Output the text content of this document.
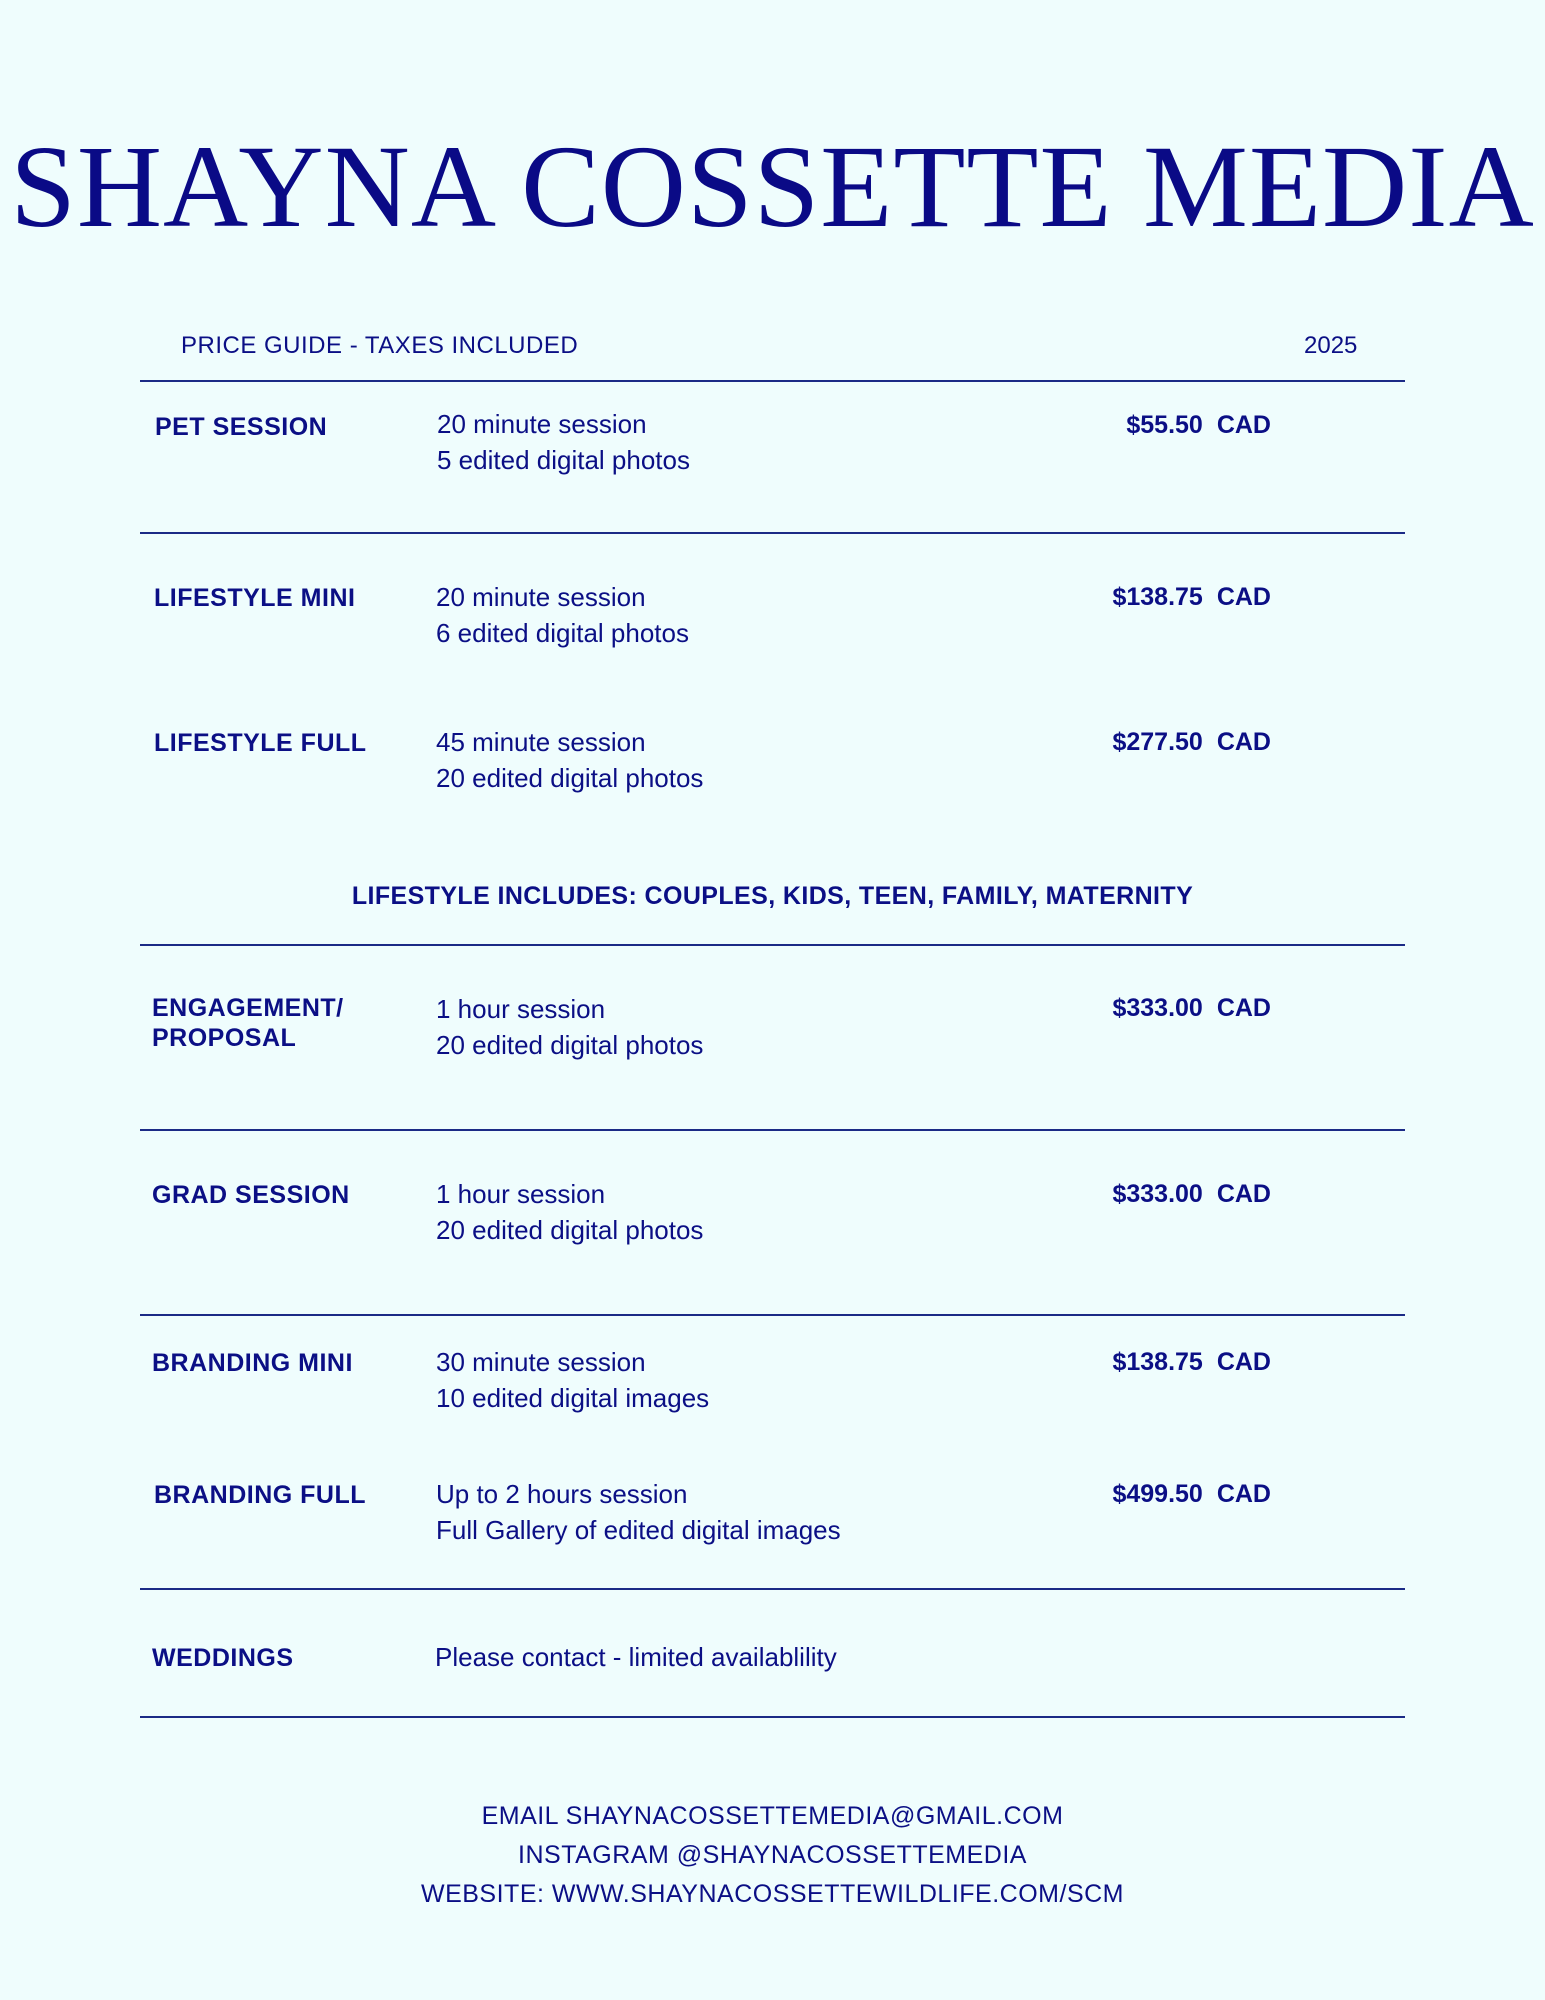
SHAYNA COSSETTE MEDIA
PRICE GUIDE - TAXES INCLUDED	2025
PET SESSION	20 minute session
5 edited digital photos
$55.50 CAD
LIFESTYLE MINI	20 minute session
6 edited digital photos
$138.75 CAD
LIFESTYLE FULL	45 minute session
20 edited digital photos
$277.50 CAD
LIFESTYLE INCLUDES: COUPLES, KIDS, TEEN, FAMILY, MATERNITY
ENGAGEMENT/
PROPOSAL
1 hour session
20 edited digital photos
$333.00 CAD
GRAD SESSION	1 hour session
20 edited digital photos
$333.00 CAD
BRANDING MINI	30 minute session
10 edited digital images
$138.75 CAD
BRANDING FULL	Up to 2 hours session
Full Gallery of edited digital images
$499.50 CAD
WEDDINGS	Please contact - limited availablility
EMAIL SHAYNACOSSETTEMEDIA@GMAIL.COM
INSTAGRAM @SHAYNACOSSETTEMEDIA
WEBSITE: WWW.SHAYNACOSSETTEWILDLIFE.COM/SCM
